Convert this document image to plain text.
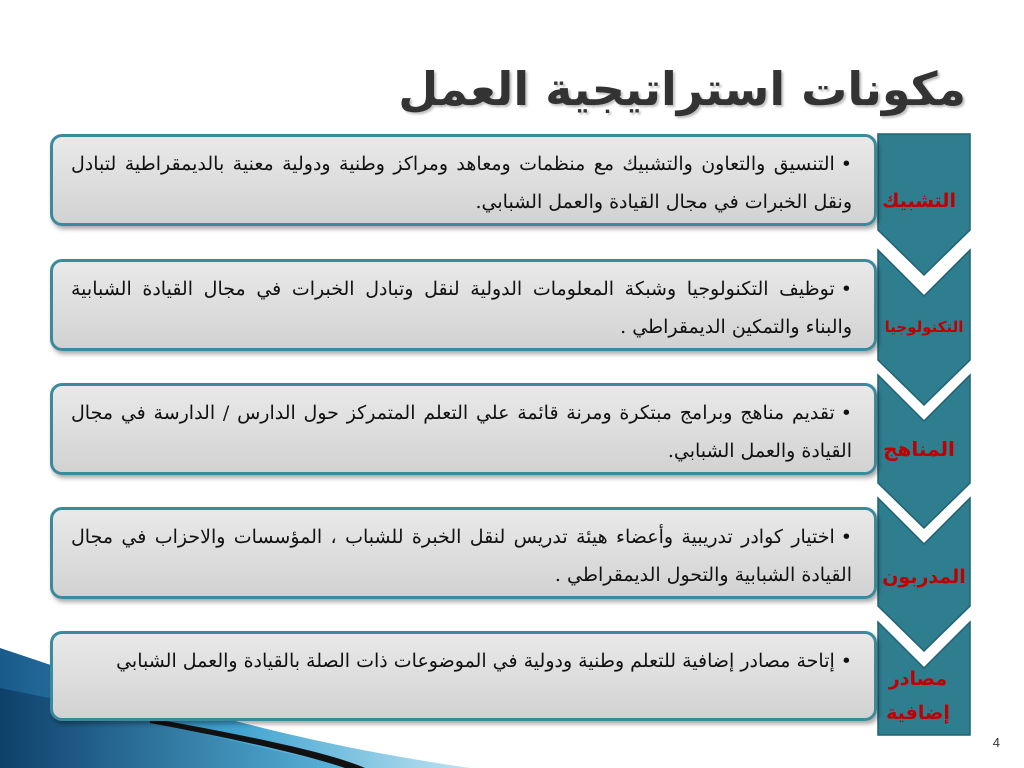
مكونات استراتيجية العمل
التشبيك
التكنولوجيا
المناهج
المدربون
مصادر إضافية
•التنسيق والتعاون والتشبيك مع منظمات ومعاهد ومراكز وطنية ودولية معنية بالديمقراطية لتبادل ونقل الخبرات في مجال القيادة والعمل الشبابي.
•توظيف التكنولوجيا وشبكة المعلومات الدولية لنقل وتبادل الخبرات في مجال القيادة الشبابية والبناء والتمكين الديمقراطي .
•تقديم مناهج وبرامج مبتكرة ومرنة قائمة علي التعلم المتمركز حول الدارس / الدارسة في مجال القيادة والعمل الشبابي.
•اختيار كوادر تدريبية وأعضاء هيئة تدريس لنقل الخبرة للشباب ، المؤسسات والاحزاب في مجال القيادة الشبابية والتحول الديمقراطي .
•إتاحة مصادر إضافية للتعلم وطنية ودولية في الموضوعات ذات الصلة بالقيادة والعمل الشبابي
4
